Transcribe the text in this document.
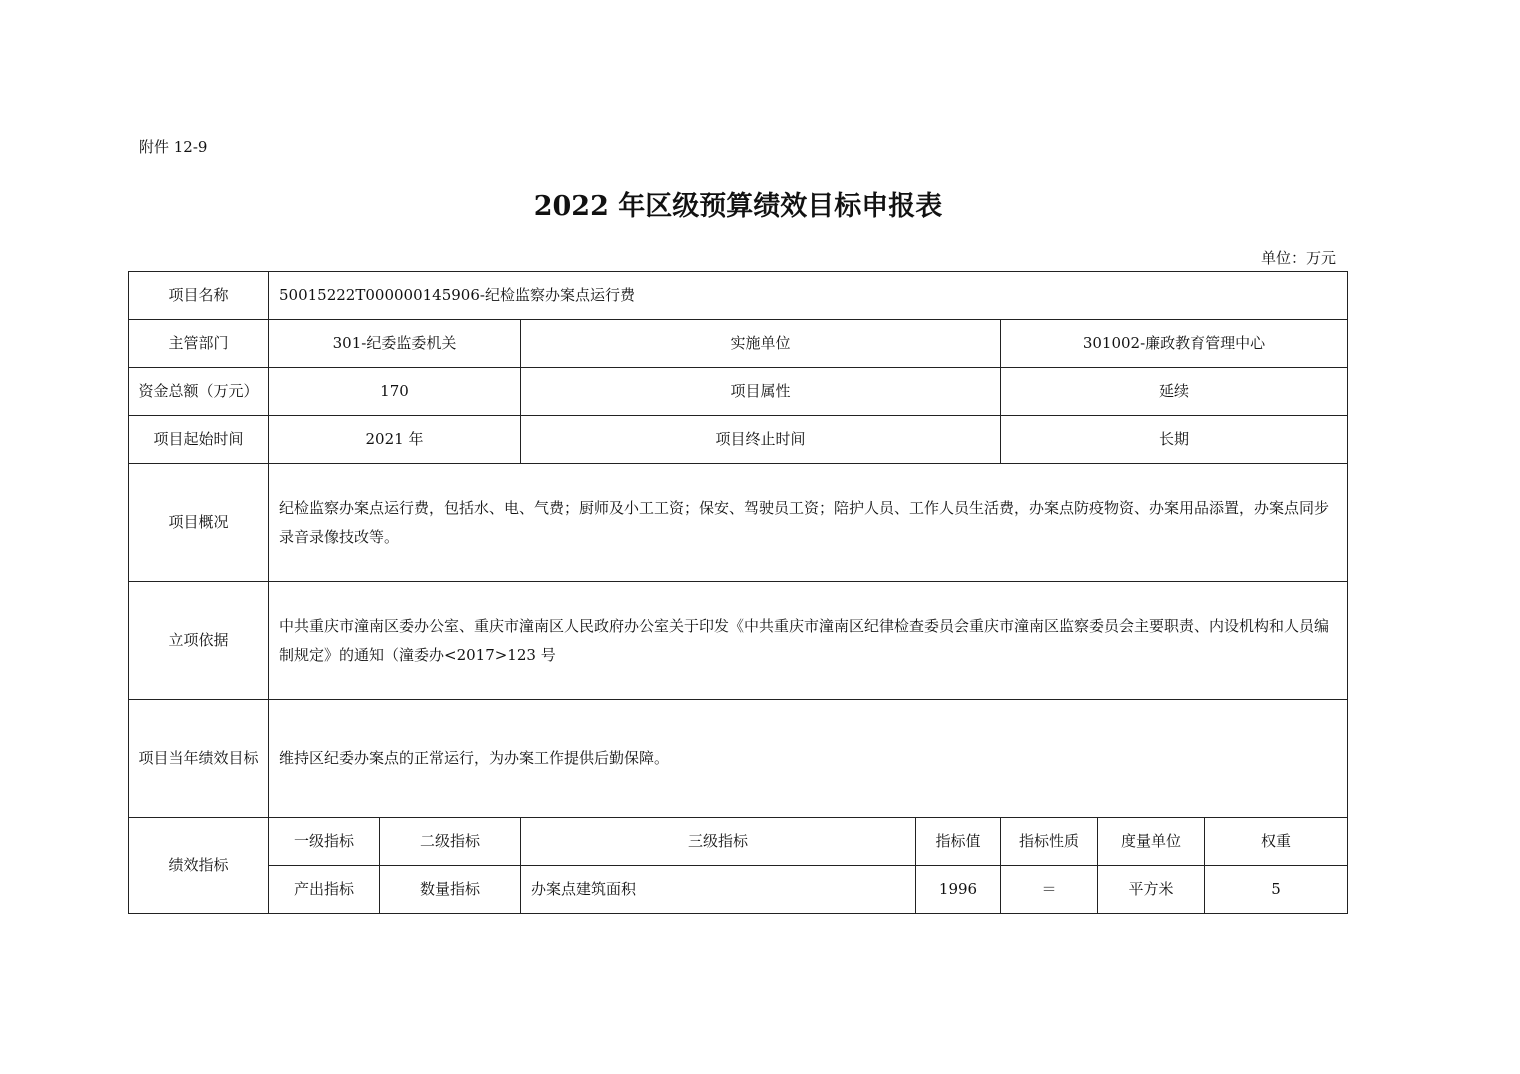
附件 12-9
2022 年区级预算绩效目标申报表
单位：万元
项目名称	50015222T000000145906-纪检监察办案点运行费						
主管部门	301-纪委监委机关		实施单位		301002-廉政教育管理中心		
资金总额（万元）	170		项目属性		延续		
项目起始时间	2021 年		项目终止时间		长期		
项目概况	纪检监察办案点运行费，包括水、电、气费；厨师及小工工资；保安、驾驶员工资；陪护人员、工作人员生活费，办案点防疫物资、办案用品添置，办案点同步录音录像技改等。						
立项依据	中共重庆市潼南区委办公室、重庆市潼南区人民政府办公室关于印发《中共重庆市潼南区纪律检查委员会重庆市潼南区监察委员会主要职责、内设机构和人员编制规定》的通知（潼委办<2017>123 号						
项目当年绩效目标	维持区纪委办案点的正常运行，为办案工作提供后勤保障。						
绩效指标	一级指标	二级指标	三级指标	指标值	指标性质	度量单位	权重
	产出指标	数量指标	办案点建筑面积	1996	＝	平方米	5
